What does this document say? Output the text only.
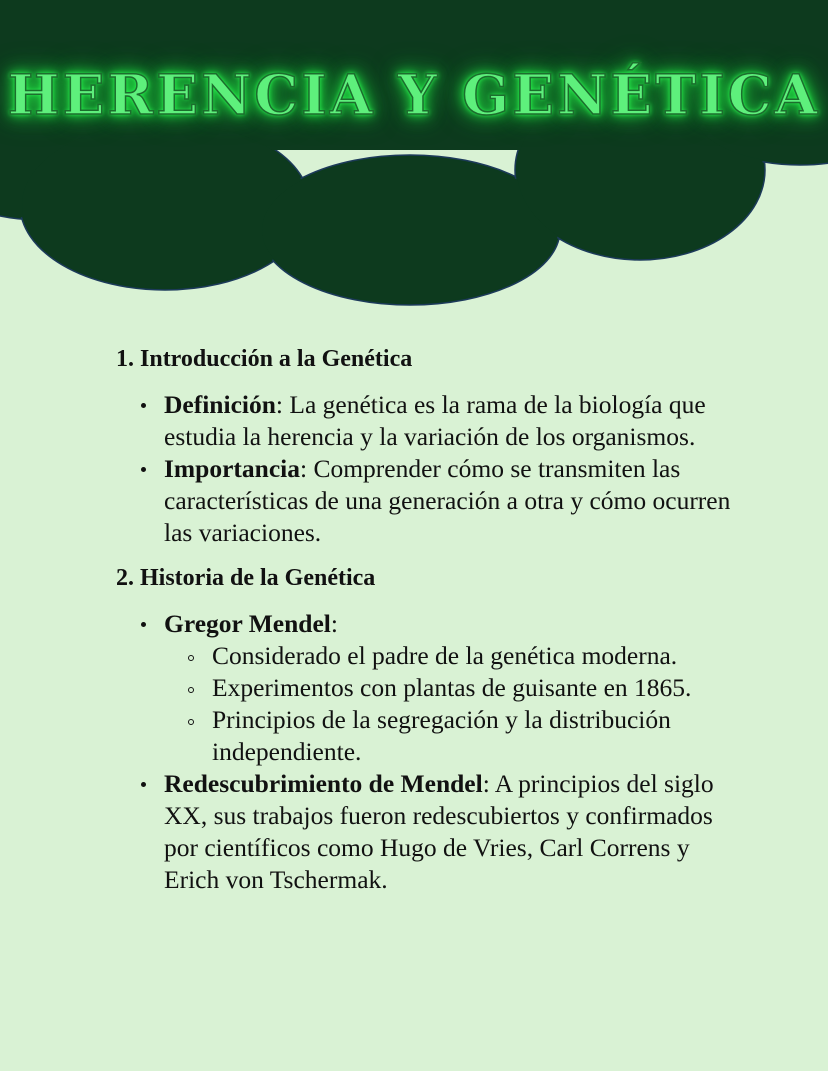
HERENCIA Y GENÉTICA
1. Introducción a la Genética
Definición: La genética es la rama de la biología que estudia la herencia y la variación de los organismos.
Importancia: Comprender cómo se transmiten las características de una generación a otra y cómo ocurren las variaciones.
2. Historia de la Genética
Gregor Mendel:
Considerado el padre de la genética moderna.
Experimentos con plantas de guisante en 1865.
Principios de la segregación y la distribución independiente.
Redescubrimiento de Mendel: A principios del siglo XX, sus trabajos fueron redescubiertos y confirmados por científicos como Hugo de Vries, Carl Correns y Erich von Tschermak.
